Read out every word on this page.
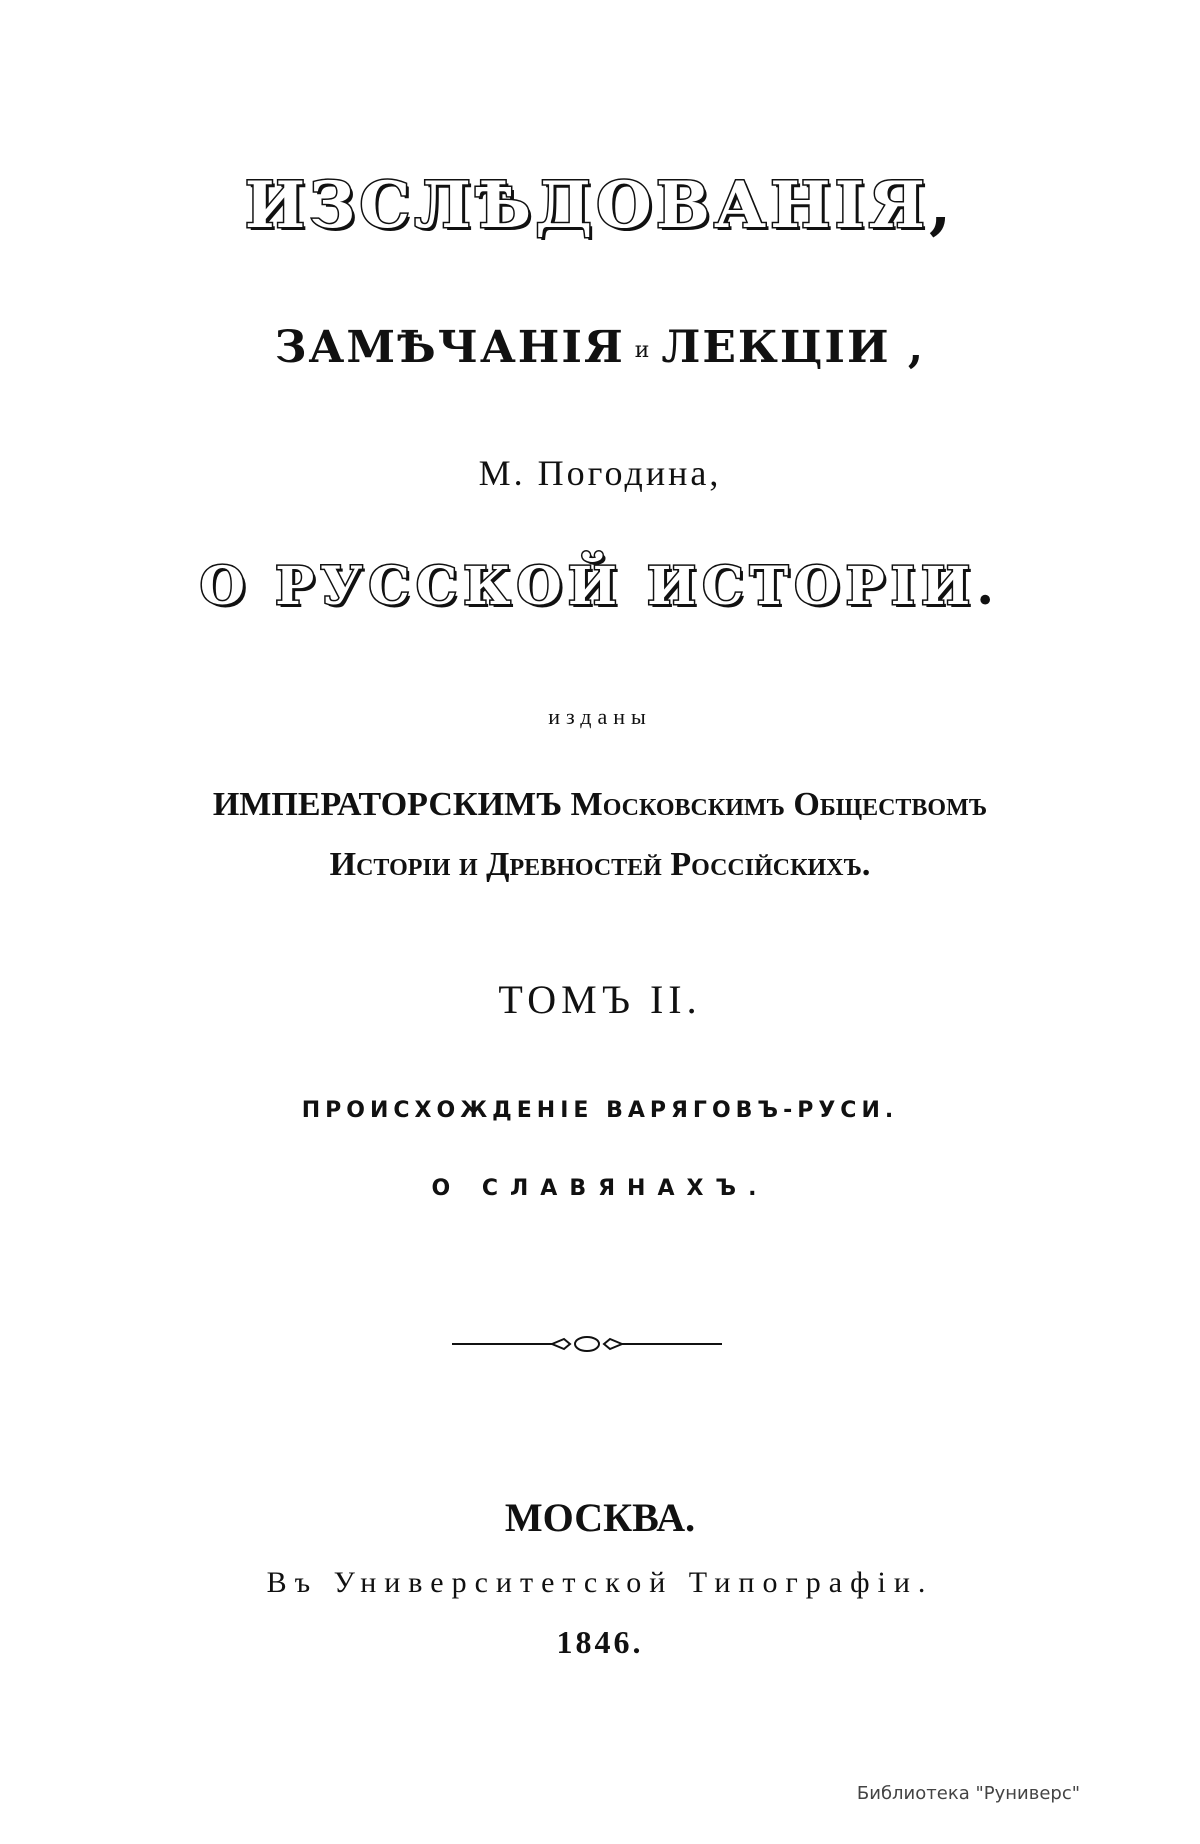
ИЗСЛѢДОВАНІЯ,
ЗАМѢЧАНІЯ и ЛЕКЦІИ ,
М. Погодина,
О РУССКОЙ ИСТОРІИ.
изданы
ИМПЕРАТОРСКИМЪ Московскимъ Обществомъ
Исторіи и Древностей Россійскихъ.
ТОМЪ II.
ПРОИСХОЖДЕНІЕ ВАРЯГОВЪ-РУСИ.
О СЛАВЯНАХЪ.
МОСКВА.
Въ Университетской Типографіи.
1846.
Библиотека "Руниверс"
